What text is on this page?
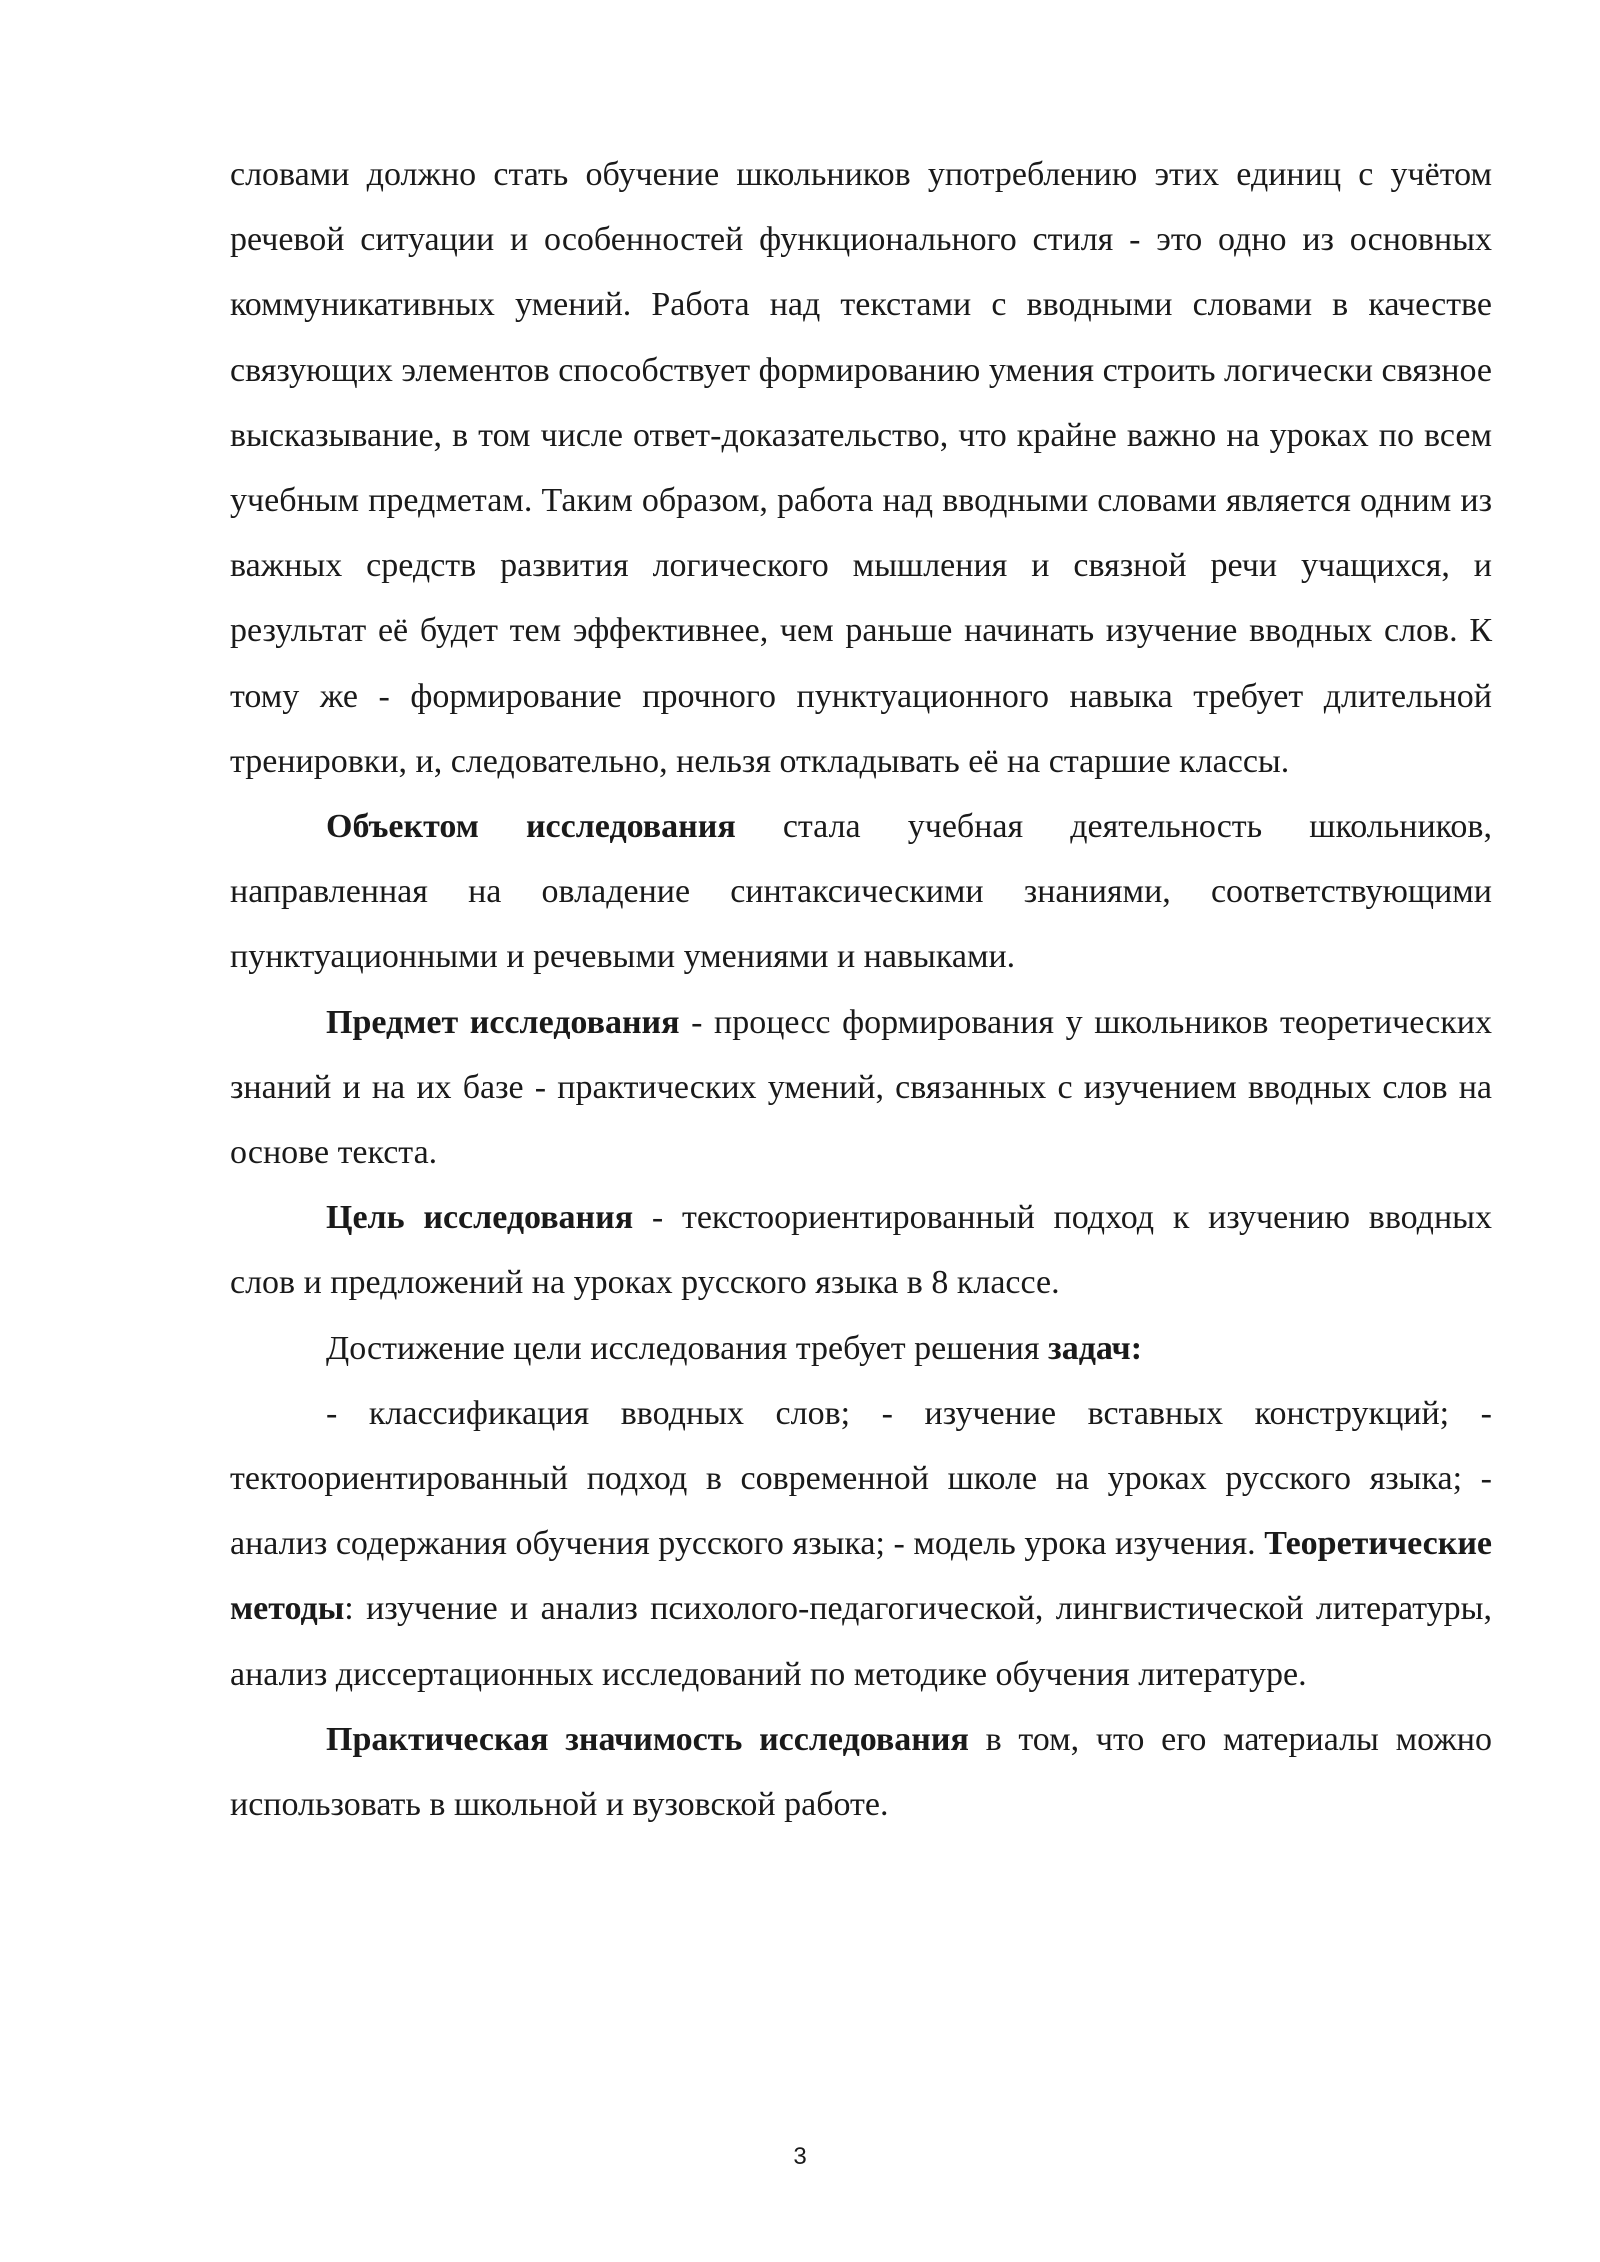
словами должно стать обучение школьников употреблению этих единиц с учётом речевой ситуации и особенностей функционального стиля - это одно из основных коммуникативных умений. Работа над текстами с вводными словами в качестве связующих элементов способствует формированию умения строить логически связное высказывание, в том числе ответ-доказательство, что крайне важно на уроках по всем учебным предметам. Таким образом, работа над вводными словами является одним из важных средств развития логического мышления и связной речи учащихся, и результат её будет тем эффективнее, чем раньше начинать изучение вводных слов. К тому же - формирование прочного пунктуационного навыка требует длительной тренировки, и, следовательно, нельзя откладывать её на старшие классы.

Объектом исследования стала учебная деятельность школьников, направленная на овладение синтаксическими знаниями, соответствующими пунктуационными и речевыми умениями и навыками.

Предмет исследования - процесс формирования у школьников теоретических знаний и на их базе - практических умений, связанных с изучением вводных слов на основе текста.

Цель исследования - текстоориентированный подход к изучению вводных слов и предложений на уроках русского языка в 8 классе.

Достижение цели исследования требует решения задач:

- классификация вводных слов; - изучение вставных конструкций; - тектоориентированный подход в современной школе на уроках русского языка; - анализ содержания обучения русского языка; - модель урока изучения. Теоретические методы: изучение и анализ психолого-педагогической, лингвистической литературы, анализ диссертационных исследований по методике обучения литературе.

Практическая значимость исследования в том, что его материалы можно использовать в школьной и вузовской работе.

3
